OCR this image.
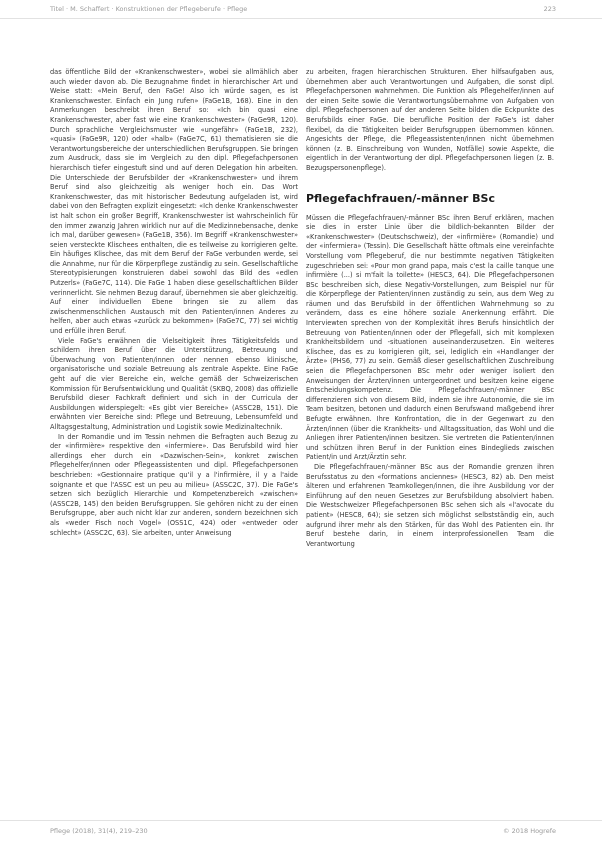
Titel · M. Schaffert · Konstruktionen der Pflegeberufe · Pflege	223

das öffentliche Bild der «Krankenschwester», wobei sie allmählich aber auch wieder davon ab. Die Bezugnahme findet in hierarchischer Art und Weise statt: «Mein Beruf, den FaGe! Also ich würde sagen, es ist Krankenschwester. Einfach ein Jung rufen» (FaGe1B, 168). Eine in den Anmerkungen beschreibt ihren Beruf so: «Ich bin quasi eine Krankenschwester, aber fast wie eine Krankenschwester» (FaGe9R, 120). Durch sprachliche Vergleichsmuster wie «ungefähr» (FaGe1B, 232), «quasi» (FaGe9R, 120) oder «halb» (FaGe7C, 61) thematisieren sie die Verantwortungsbereiche der unterschiedlichen Berufsgruppen. Sie bringen zum Ausdruck, dass sie im Vergleich zu den dipl. Pflegefachpersonen hierarchisch tiefer eingestuft sind und auf deren Delegation hin arbeiten. Die Unterschiede der Berufsbilder der «Krankenschwester» und ihrem Beruf sind also gleichzeitig als weniger hoch ein. Das Wort Krankenschwester, das mit historischer Bedeutung aufgeladen ist, wird dabei von den Befragten explizit eingesetzt: «Ich denke Krankenschwester ist halt schon ein großer Begriff, Krankenschwester ist wahrscheinlich für den immer zwanzig Jahren wirklich nur auf die Medizinnebensache, denke ich mal, darüber gewesen» (FaGe1B, 356). Im Begriff «Krankenschwester» seien versteckte Klischees enthalten, die es teilweise zu korrigieren gelte. Ein häufiges Klischee, das mit dem Beruf der FaGe verbunden werde, sei die Annahme, nur für die Körperpflege zuständig zu sein. Gesellschaftliche Stereotypisierungen konstruieren dabei sowohl das Bild des «edlen Putzerls» (FaGe7C, 114). Die FaGe 1 haben diese gesellschaftlichen Bilder verinnerlicht. Sie nehmen Bezug darauf, übernehmen sie aber gleichzeitig. Auf einer individuellen Ebene bringen sie zu allem das zwischenmenschlichen Austausch mit den Patienten/innen Anderes zu helfen, aber auch etwas «zurück zu bekommen» (FaGe7C, 77) sei wichtig und erfülle ihren Beruf.

Viele FaGe's erwähnen die Vielseitigkeit ihres Tätigkeitsfelds und schildern ihren Beruf über die Unterstützung, Betreuung und Überwachung von Patienten/innen oder nennen ebenso klinische, organisatorische und soziale Betreuung als zentrale Aspekte. Eine FaGe geht auf die vier Bereiche ein, welche gemäß der Schweizerischen Kommission für Berufsentwicklung und Qualität (SKBQ, 2008) das offizielle Berufsbild dieser Fachkraft definiert und sich in der Curricula der Ausbildungen widerspiegelt: «Es gibt vier Bereiche» (ASSC2B, 151). Die erwähnten vier Bereiche sind: Pflege und Betreuung, Lebensumfeld und Alltagsgestaltung, Administration und Logistik sowie Medizinaltechnik.

In der Romandie und im Tessin nehmen die Befragten auch Bezug zu der «infirmière» respektive den «infermiere». Das Berufsbild wird hier allerdings eher durch ein «Dazwischen-Sein», konkret zwischen Pflegehelfer/innen oder Pflegeassistenten und dipl. Pflegefachpersonen beschrieben: «Gestionnaire pratique qu'il y a l'infirmière, il y a l'aide soignante et que l'ASSC est un peu au milieu» (ASSC2C, 37). Die FaGe's setzen sich bezüglich Hierarchie und Kompetenzbereich «zwischen» (ASSC2B, 145) den beiden Berufsgruppen. Sie gehören nicht zu der einen Berufsgruppe, aber auch nicht klar zur anderen, sondern bezeichnen sich als «weder Fisch noch Vogel» (OSS1C, 424) oder «entweder oder schlecht» (ASSC2C, 63). Sie arbeiten, unter Anweisung

zu arbeiten, fragen hierarchischen Strukturen. Eher hilfsaufgaben aus, übernehmen aber auch Verantwortungen und Aufgaben, die sonst dipl. Pflegefachpersonen wahrnehmen. Die Funktion als Pflegehelfer/innen auf der einen Seite sowie die Verantwortungsübernahme von Aufgaben von dipl. Pflegefachpersonen auf der anderen Seite bilden die Eckpunkte des Berufsbilds einer FaGe. Die berufliche Position der FaGe's ist daher flexibel, da die Tätigkeiten beider Berufsgruppen übernommen können. Angesichts der Pflege, die Pflegeassistenten/innen nicht übernehmen können (z. B. Einschreibung von Wunden, Notfälle) sowie Aspekte, die eigentlich in der Verantwortung der dipl. Pflegefachpersonen liegen (z. B. Bezugspersonenpflege).

Pflegefachfrauen/-männer BSc

Müssen die Pflegefachfrauen/-männer BSc ihren Beruf erklären, machen sie dies in erster Linie über die bildlich-bekannten Bilder der «Krankenschwester» (Deutschschweiz), der «infirmière» (Romandie) und der «infermiera» (Tessin). Die Gesellschaft hätte oftmals eine vereinfachte Vorstellung vom Pflegeberuf, die nur bestimmte negativen Tätigkeiten zugeschrieben sei: «Pour mon grand papa, mais c'est la caille tanque une infirmière (...) si m'fait la toilette» (HESC3, 64). Die Pflegefachpersonen BSc beschreiben sich, diese Negativ-Vorstellungen, zum Beispiel nur für die Körperpflege der Patienten/innen zuständig zu sein, aus dem Weg zu räumen und das Berufsbild in der öffentlichen Wahrnehmung so zu verändern, dass es eine höhere soziale Anerkennung erfährt. Die Interviewten sprechen von der Komplexität ihres Berufs hinsichtlich der Betreuung von Patienten/innen oder der Pflegefall, sich mit komplexen Krankheitsbildern und -situationen auseinanderzusetzen. Ein weiteres Klischee, das es zu korrigieren gilt, sei, lediglich ein «Handlanger der Ärzte» (PHS6, 77) zu sein. Gemäß dieser gesellschaftlichen Zuschreibung seien die Pflegefachpersonen BSc mehr oder weniger isoliert den Anweisungen der Ärzten/innen untergeordnet und besitzen keine eigene Entscheidungskompetenz. Die Pflegefachfrauen/-männer BSc differenzieren sich von diesem Bild, indem sie ihre Autonomie, die sie im Team besitzen, betonen und dadurch einen Berufswand maßgebend ihrer Befugte erwähnen. Ihre Konfrontation, die in der Gegenwart zu den Ärzten/innen (über die Krankheits- und Alltagssituation, das Wohl und die Anliegen ihrer Patienten/innen besitzen. Sie vertreten die Patienten/innen und schützen ihren Beruf in der Funktion eines Bindeglieds zwischen Patient/in und Arzt/Ärztin sehr.

Die Pflegefachfrauen/-männer BSc aus der Romandie grenzen ihren Berufsstatus zu den «formations anciennes» (HESC3, 82) ab. Den meist älteren und erfahrenen Teamkollegen/innen, die ihre Ausbildung vor der Einführung auf den neuen Gesetzes zur Berufsbildung absolviert haben. Die Westschweizer Pflegefachpersonen BSc sehen sich als «l'avocate du patient» (HESC8, 64); sie setzen sich möglichst selbstständig ein, auch aufgrund ihrer mehr als den Stärken, für das Wohl des Patienten ein. Ihr Beruf bestehe darin, in einem interprofessionellen Team die Verantwortung

Pflege (2018), 31(4), 219–230	© 2018 Hogrefe
